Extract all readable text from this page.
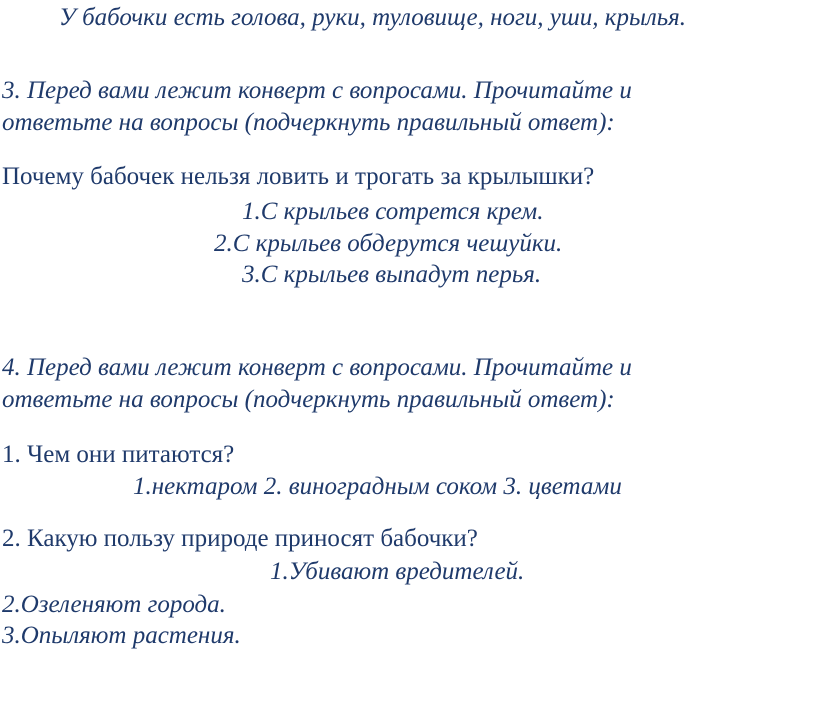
У бабочки есть голова, руки, туловище, ноги, уши, крылья.
3. Перед вами лежит конверт с вопросами. Прочитайте и
ответьте на вопросы (подчеркнуть правильный ответ):
Почему бабочек нельзя ловить и трогать за крылышки?
1.С крыльев сотрется крем.
2.С крыльев обдерутся чешуйки.
3.С крыльев выпадут перья.
4. Перед вами лежит конверт с вопросами. Прочитайте и
ответьте на вопросы (подчеркнуть правильный ответ):
1. Чем они питаются?
1.нектаром 2. виноградным соком 3. цветами
2. Какую пользу природе приносят бабочки?
1.Убивают вредителей.
2.Озеленяют города.
3.Опыляют растения.
